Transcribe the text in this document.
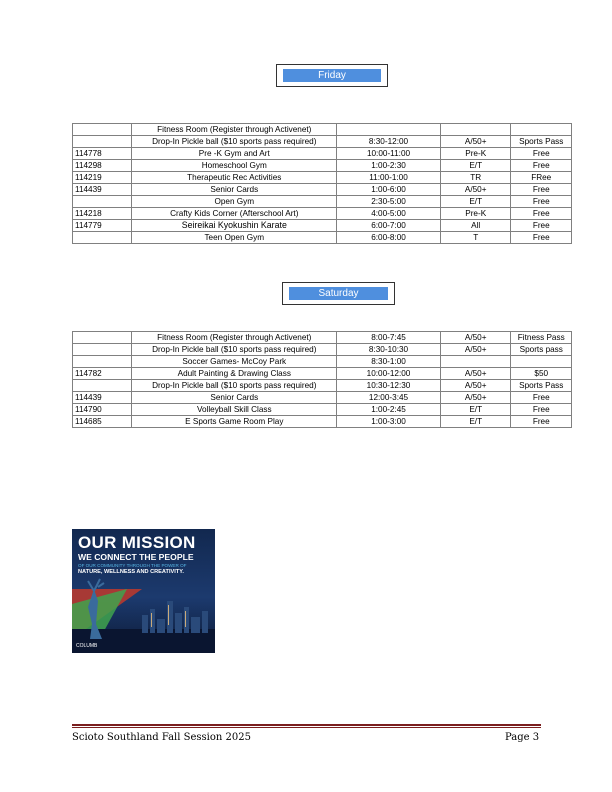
Friday
	Fitness Room (Register through Activenet)			
	Drop-In Pickle ball ($10 sports pass required)	8:30-12:00	A/50+	Sports Pass
114778	Pre -K Gym and Art	10:00-11:00	Pre-K	Free
114298	Homeschool Gym	1:00-2:30	E/T	Free
114219	Therapeutic Rec Activities	11:00-1:00	TR	FRee
114439	Senior Cards	1:00-6:00	A/50+	Free
	Open Gym	2:30-5:00	E/T	Free
114218	Crafty Kids Corner (Afterschool Art)	4:00-5:00	Pre-K	Free
114779	Seireikai Kyokushin Karate	6:00-7:00	All	Free
	Teen Open Gym	6:00-8:00	T	Free
Saturday
	Fitness Room (Register through Activenet)	8:00-7:45	A/50+	Fitness Pass
	Drop-In Pickle ball ($10 sports pass required)	8:30-10:30	A/50+	Sports pass
	Soccer Games- McCoy Park	8:30-1:00		
114782	Adult Painting & Drawing Class	10:00-12:00	A/50+	$50
	Drop-In Pickle ball ($10 sports pass required)	10:30-12:30	A/50+	Sports Pass
114439	Senior Cards	12:00-3:45	A/50+	Free
114790	Volleyball Skill Class	1:00-2:45	E/T	Free
114685	E Sports Game Room Play	1:00-3:00	E/T	Free
OUR MISSION
WE CONNECT THE PEOPLE
OF OUR COMMUNITY THROUGH THE POWER OF
NATURE, WELLNESS AND CREATIVITY.
COLUMB
Scioto Southland Fall Session 2025	Page 3
